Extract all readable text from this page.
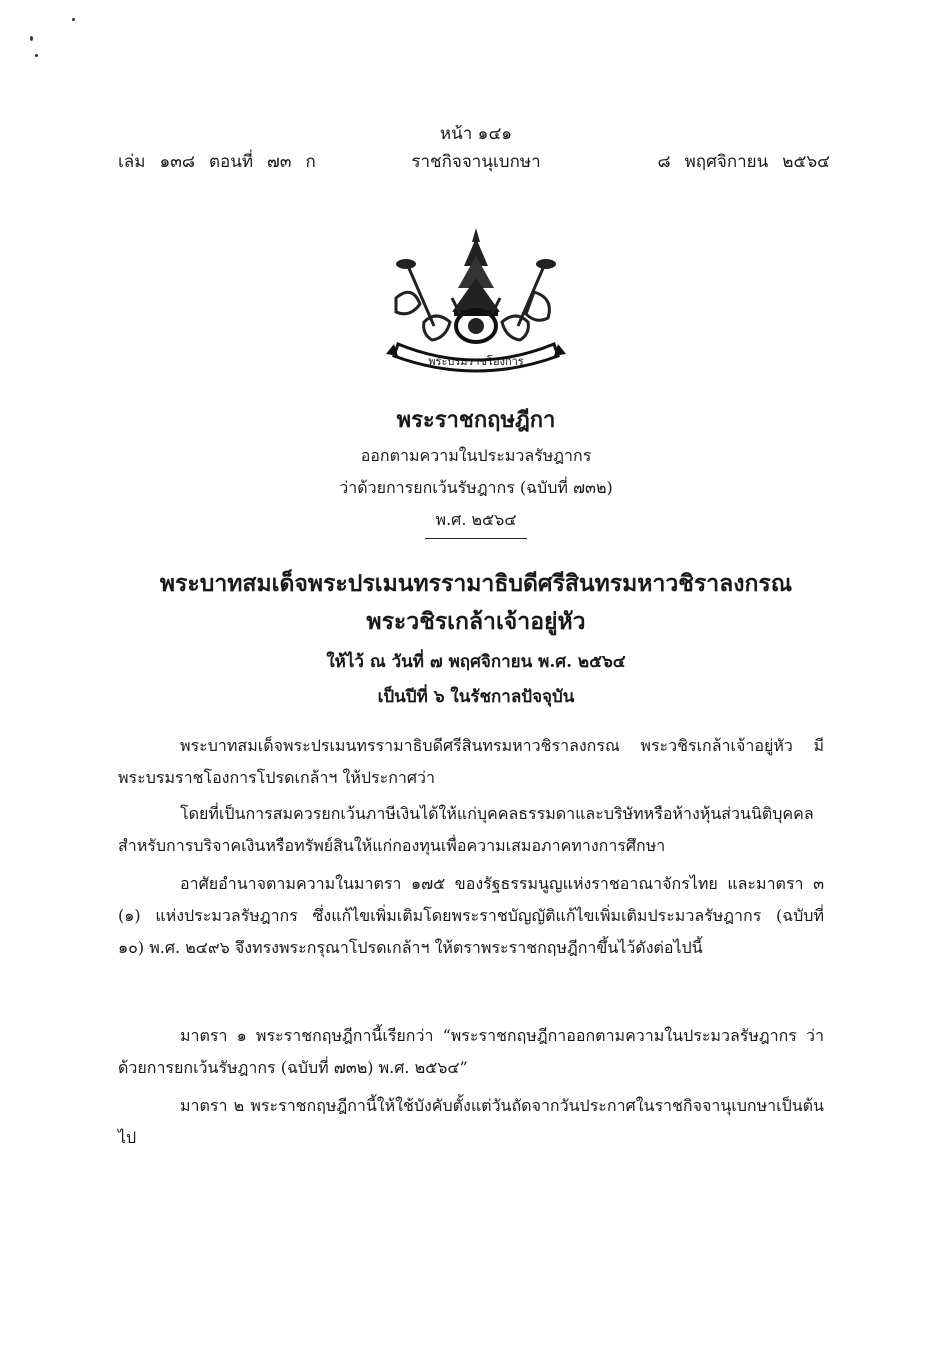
หน้า ๑๔๑
เล่ม ๑๓๘ ตอนที่ ๗๓ ก	ราชกิจจานุเบกษา	๘ พฤศจิกายน ๒๕๖๔
พระบรมราชโองการ
พระราชกฤษฎีกา
ออกตามความในประมวลรัษฎากร
ว่าด้วยการยกเว้นรัษฎากร (ฉบับที่ ๗๓๒)
พ.ศ. ๒๕๖๔
พระบาทสมเด็จพระปรเมนทรรามาธิบดีศรีสินทรมหาวชิราลงกรณ
พระวชิรเกล้าเจ้าอยู่หัว
ให้ไว้ ณ วันที่ ๗ พฤศจิกายน พ.ศ. ๒๕๖๔
เป็นปีที่ ๖ ในรัชกาลปัจจุบัน
พระบาทสมเด็จพระปรเมนทรรามาธิบดีศรีสินทรมหาวชิราลงกรณ พระวชิรเกล้าเจ้าอยู่หัว มีพระบรมราชโองการโปรดเกล้าฯ ให้ประกาศว่า
โดยที่เป็นการสมควรยกเว้นภาษีเงินได้ให้แก่บุคคลธรรมดาและบริษัทหรือห้างหุ้นส่วนนิติบุคคล สำหรับการบริจาคเงินหรือทรัพย์สินให้แก่กองทุนเพื่อความเสมอภาคทางการศึกษา
อาศัยอำนาจตามความในมาตรา ๑๗๕ ของรัฐธรรมนูญแห่งราชอาณาจักรไทย และมาตรา ๓ (๑) แห่งประมวลรัษฎากร ซึ่งแก้ไขเพิ่มเติมโดยพระราชบัญญัติแก้ไขเพิ่มเติมประมวลรัษฎากร (ฉบับที่ ๑๐) พ.ศ. ๒๔๙๖ จึงทรงพระกรุณาโปรดเกล้าฯ ให้ตราพระราชกฤษฎีกาขึ้นไว้ดังต่อไปนี้
มาตรา ๑ พระราชกฤษฎีกานี้เรียกว่า “พระราชกฤษฎีกาออกตามความในประมวลรัษฎากร ว่าด้วยการยกเว้นรัษฎากร (ฉบับที่ ๗๓๒) พ.ศ. ๒๕๖๔”
มาตรา ๒ พระราชกฤษฎีกานี้ให้ใช้บังคับตั้งแต่วันถัดจากวันประกาศในราชกิจจานุเบกษาเป็นต้นไป
